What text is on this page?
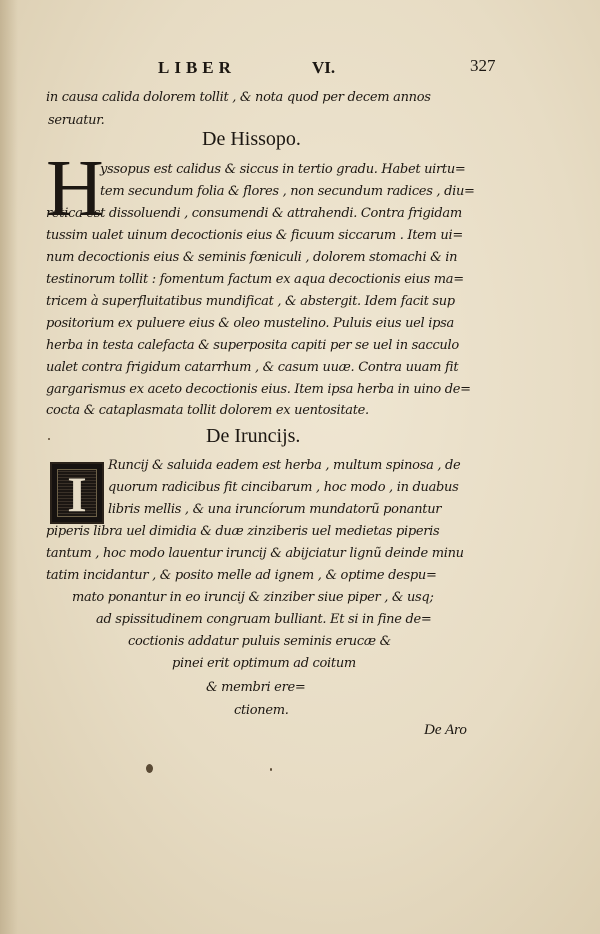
LIBER	VI.	327
in causa calida dolorem tollit , & nota quod per decem annos
seruatur.
De Hissopo.
H
yssopus est calidus & siccus in tertio gradu. Habet uirtu=
tem secundum folia & flores , non secundum radices , diu=
retica est dissoluendi , consumendi & attrahendi. Contra frigidam
tussim ualet uinum decoctionis eius & ficuum siccarum . Item ui=
num decoctionis eius & seminis fœniculi , dolorem stomachi & in
testinorum tollit : fomentum factum ex aqua decoctionis eius ma=
tricem à superfluitatibus mundificat , & abstergit. Idem facit sup
positorium ex puluere eius & oleo mustelino. Puluis eius uel ipsa
herba in testa calefacta & superposita capiti per se uel in sacculo
ualet contra frigidum catarrhum , & casum uuæ. Contra uuam fit
gargarismus ex aceto decoctionis eius. Item ipsa herba in uino de=
cocta & cataplasmata tollit dolorem ex uentositate.
De Iruncijs.
I
Runcij & saluida eadem est herba , multum spinosa , de
quorum radicibus fit cincibarum , hoc modo , in duabus
libris mellis , & una iruncíorum mundatorũ ponantur
piperis libra uel dimidia & duæ zinziberis uel medietas piperis
tantum , hoc modo lauentur iruncij & abijciatur lignũ deinde minu
tatim incidantur , & posito melle ad ignem , & optime despu=
mato ponantur in eo iruncij & zinziber siue piper , & usq;
ad spissitudinem congruam bulliant. Et si in fine de=
coctionis addatur puluis seminis erucæ &
pinei erit optimum ad coitum
& membri ere=
ctionem.
De Aro
